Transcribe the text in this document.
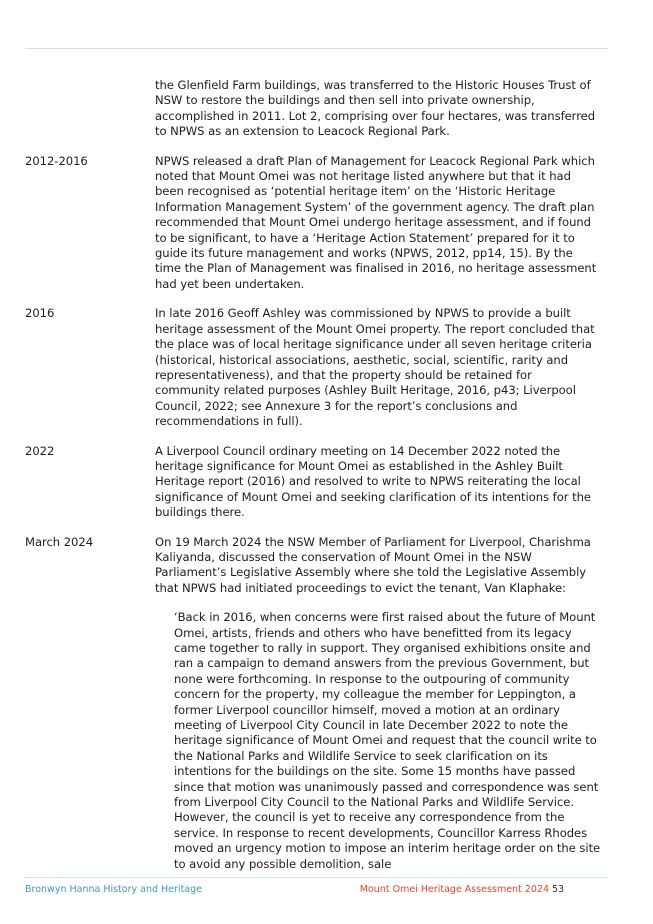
the Glenfield Farm buildings, was transferred to the Historic Houses Trust of NSW to restore the buildings and then sell into private ownership, accomplished in 2011. Lot 2, comprising over four hectares, was transferred to NPWS as an extension to Leacock Regional Park.
2012-2016	NPWS released a draft Plan of Management for Leacock Regional Park which noted that Mount Omei was not heritage listed anywhere but that it had been recognised as ‘potential heritage item’ on the ‘Historic Heritage Information Management System’ of the government agency. The draft plan recommended that Mount Omei undergo heritage assessment, and if found to be significant, to have a ‘Heritage Action Statement’ prepared for it to guide its future management and works (NPWS, 2012, pp14, 15). By the time the Plan of Management was finalised in 2016, no heritage assessment had yet been undertaken.
2016	In late 2016 Geoff Ashley was commissioned by NPWS to provide a built heritage assessment of the Mount Omei property. The report concluded that the place was of local heritage significance under all seven heritage criteria (historical, historical associations, aesthetic, social, scientific, rarity and representativeness), and that the property should be retained for community related purposes (Ashley Built Heritage, 2016, p43; Liverpool Council, 2022; see Annexure 3 for the report’s conclusions and recommendations in full).
2022	A Liverpool Council ordinary meeting on 14 December 2022 noted the heritage significance for Mount Omei as established in the Ashley Built Heritage report (2016) and resolved to write to NPWS reiterating the local significance of Mount Omei and seeking clarification of its intentions for the buildings there.
March 2024	On 19 March 2024 the NSW Member of Parliament for Liverpool, Charishma Kaliyanda, discussed the conservation of Mount Omei in the NSW Parliament’s Legislative Assembly where she told the Legislative Assembly that NPWS had initiated proceedings to evict the tenant, Van Klaphake:
‘Back in 2016, when concerns were first raised about the future of Mount Omei, artists, friends and others who have benefitted from its legacy came together to rally in support. They organised exhibitions onsite and ran a campaign to demand answers from the previous Government, but none were forthcoming. In response to the outpouring of community concern for the property, my colleague the member for Leppington, a former Liverpool councillor himself, moved a motion at an ordinary meeting of Liverpool City Council in late December 2022 to note the heritage significance of Mount Omei and request that the council write to the National Parks and Wildlife Service to seek clarification on its intentions for the buildings on the site. Some 15 months have passed since that motion was unanimously passed and correspondence was sent from Liverpool City Council to the National Parks and Wildlife Service. However, the council is yet to receive any correspondence from the service. In response to recent developments, Councillor Karress Rhodes moved an urgency motion to impose an interim heritage order on the site to avoid any possible demolition, sale
Bronwyn Hanna History and Heritage	Mount Omei Heritage Assessment 2024 53
